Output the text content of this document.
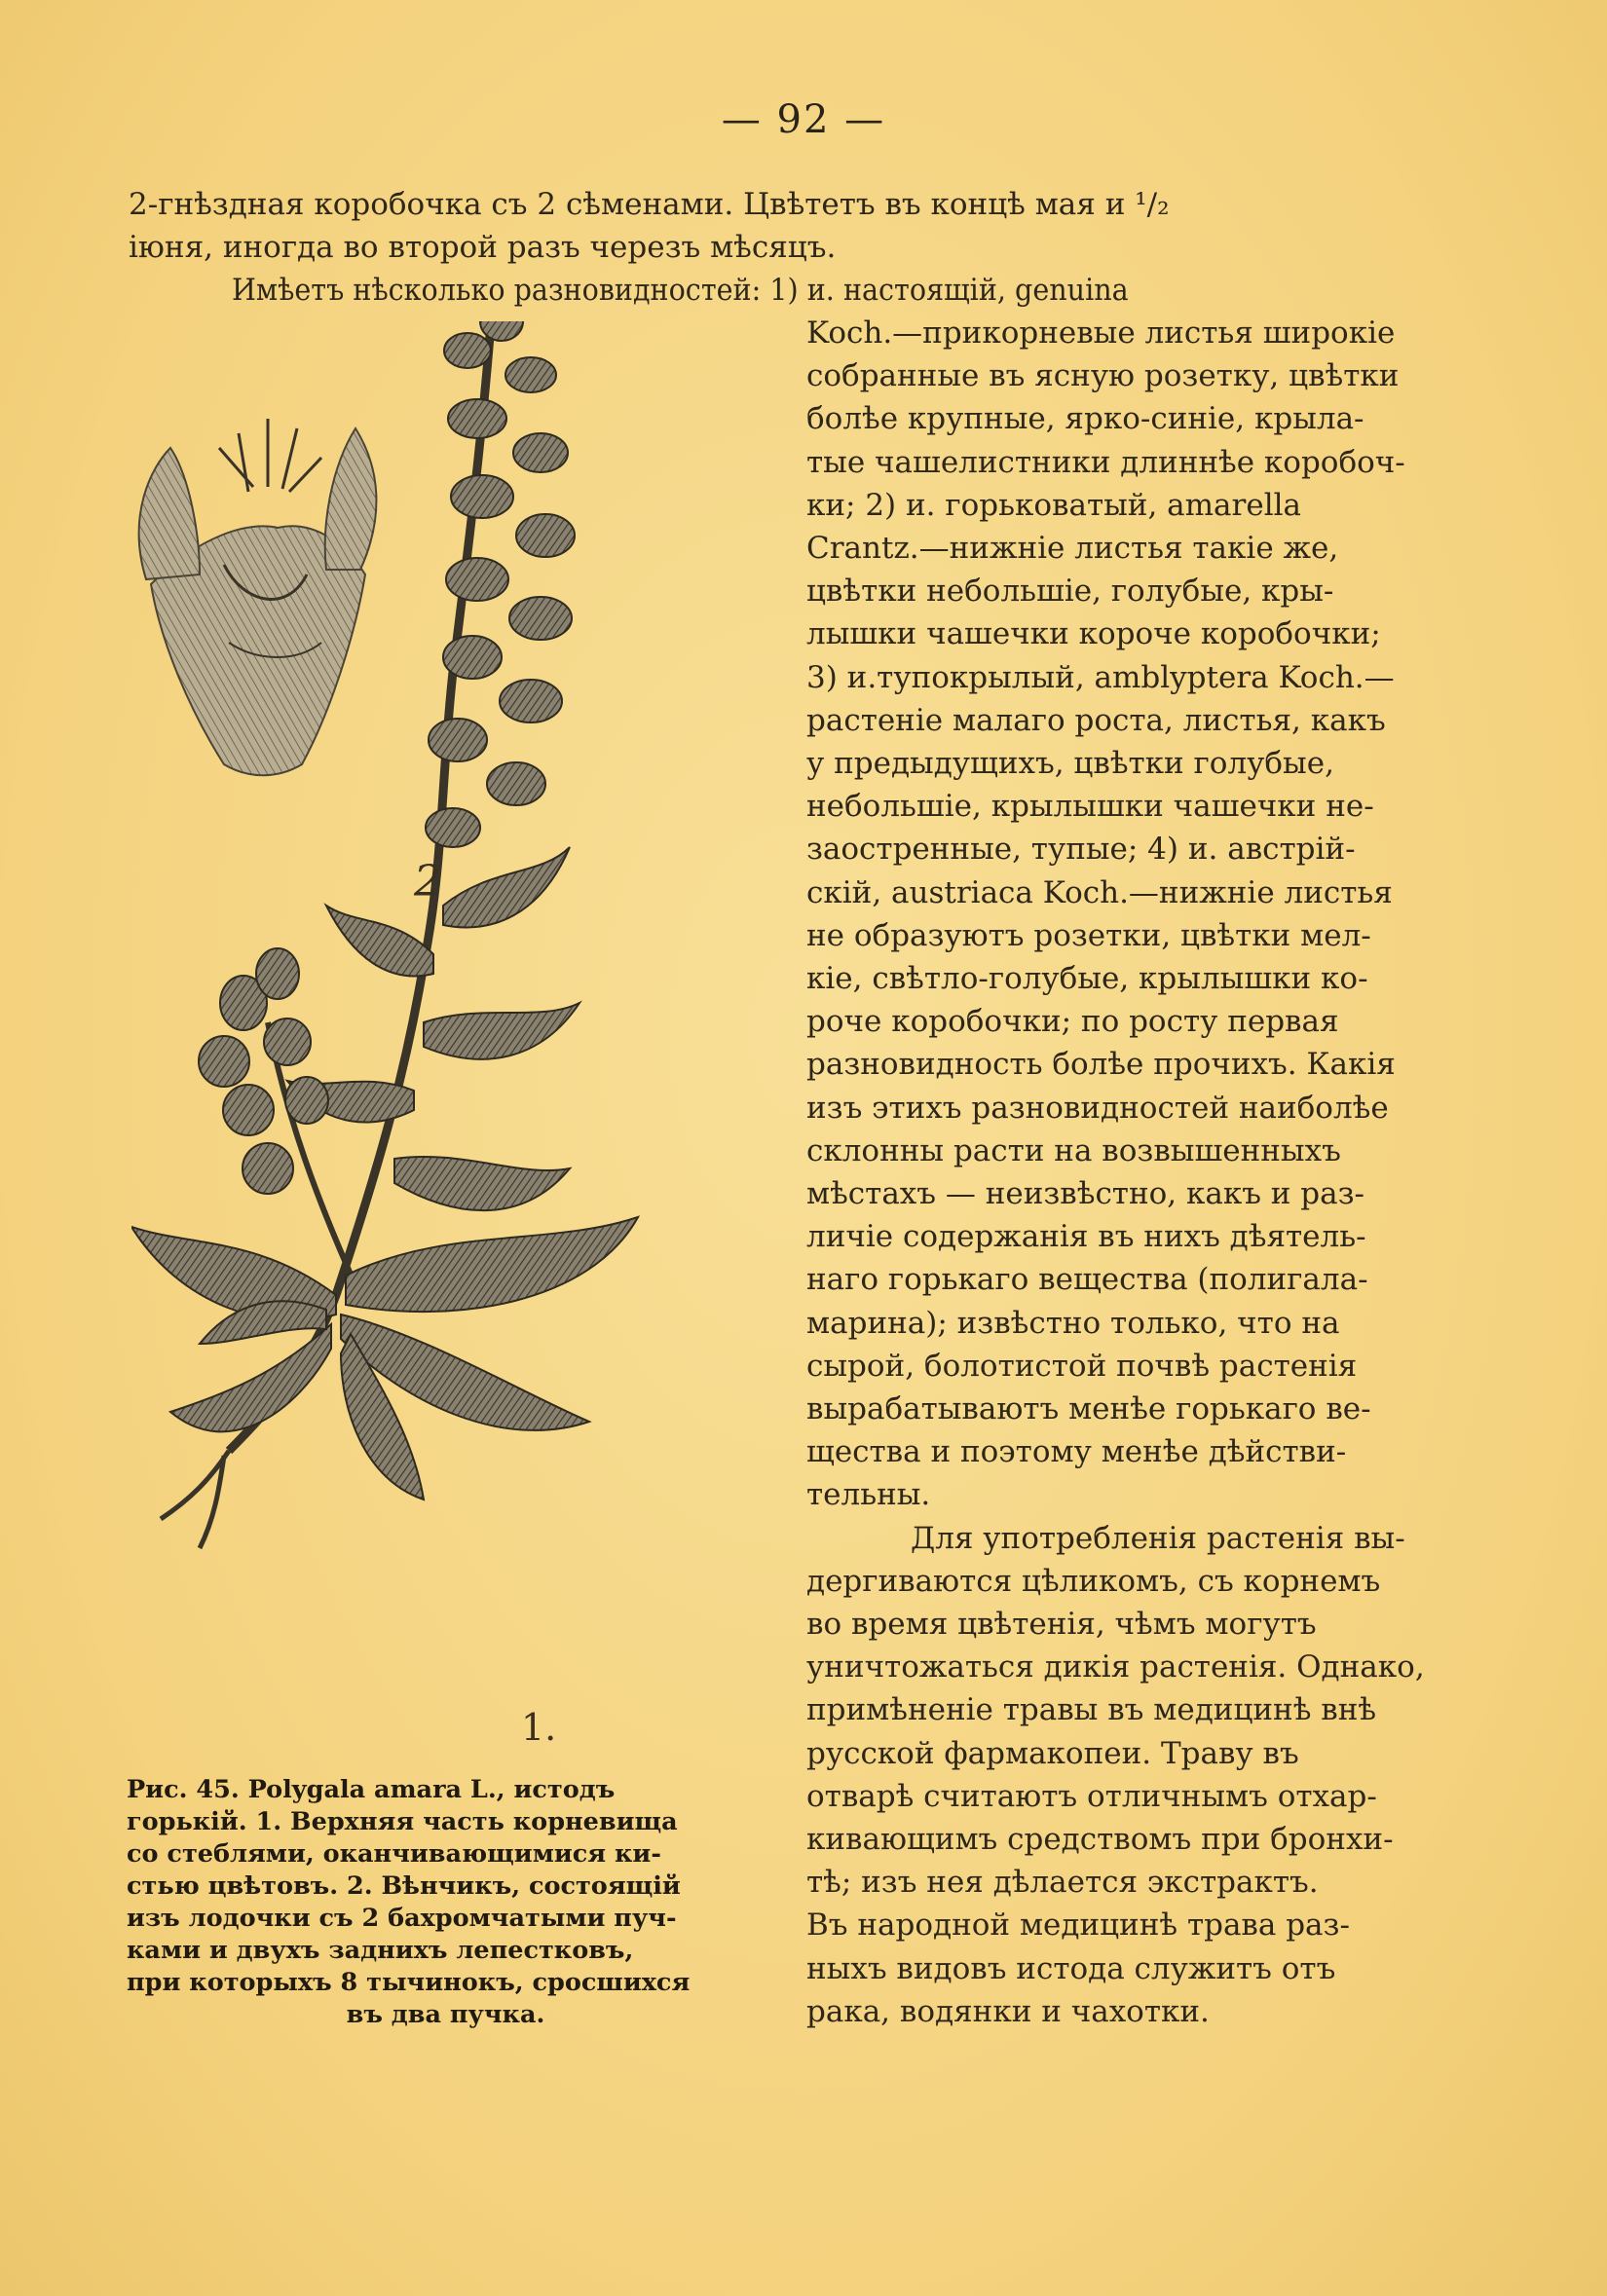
— 92 —
2-гнѣздная коробочка съ 2 сѣменами. Цвѣтетъ въ концѣ мая и ¹/₂
іюня, иногда во второй разъ черезъ мѣсяцъ.
Имѣетъ нѣсколько разновидностей: 1) и. настоящій, genuina
Koch.—прикорневые листья широкіе
собранные въ ясную розетку, цвѣтки
болѣе крупные, ярко-синіе, крыла-
тые чашелистники длиннѣе коробоч-
ки; 2) и. горьковатый, amarella
Crantz.—нижніе листья такіе же,
цвѣтки небольшіе, голубые, кры-
лышки чашечки короче коробочки;
3) и.тупокрылый, amblyptera Koch.—
растеніе малаго роста, листья, какъ
у предыдущихъ, цвѣтки голубые,
небольшіе, крылышки чашечки не-
заостренные, тупые; 4) и. австрій-
скій, austriaca Koch.—нижніе листья
не образуютъ розетки, цвѣтки мел-
кіе, свѣтло-голубые, крылышки ко-
роче коробочки; по росту первая
разновидность болѣе прочихъ. Какія
изъ этихъ разновидностей наиболѣе
склонны расти на возвышенныхъ
мѣстахъ — неизвѣстно, какъ и раз-
личіе содержанія въ нихъ дѣятель-
наго горькаго вещества (полигала-
марина); извѣстно только, что на
сырой, болотистой почвѣ растенія
вырабатываютъ менѣе горькаго ве-
щества и поэтому менѣе дѣйстви-
тельны.
Для употребленія растенія вы-
дергиваются цѣликомъ, съ корнемъ
во время цвѣтенія, чѣмъ могутъ
уничтожаться дикія растенія. Однако,
примѣненіе травы въ медицинѣ внѣ
русской фармакопеи. Траву въ
отварѣ считаютъ отличнымъ отхар-
кивающимъ средствомъ при бронхи-
тѣ; изъ нея дѣлается экстрактъ.
Въ народной медицинѣ трава раз-
ныхъ видовъ истода служитъ отъ
рака, водянки и чахотки.
2
1.
Рис. 45. Polygala amara L., истодъ
горькій. 1. Верхняя часть корневища
со стеблями, оканчивающимися ки-
стью цвѣтовъ. 2. Вѣнчикъ, состоящій
изъ лодочки съ 2 бахромчатыми пуч-
ками и двухъ заднихъ лепестковъ,
при которыхъ 8 тычинокъ, сросшихся
въ два пучка.
